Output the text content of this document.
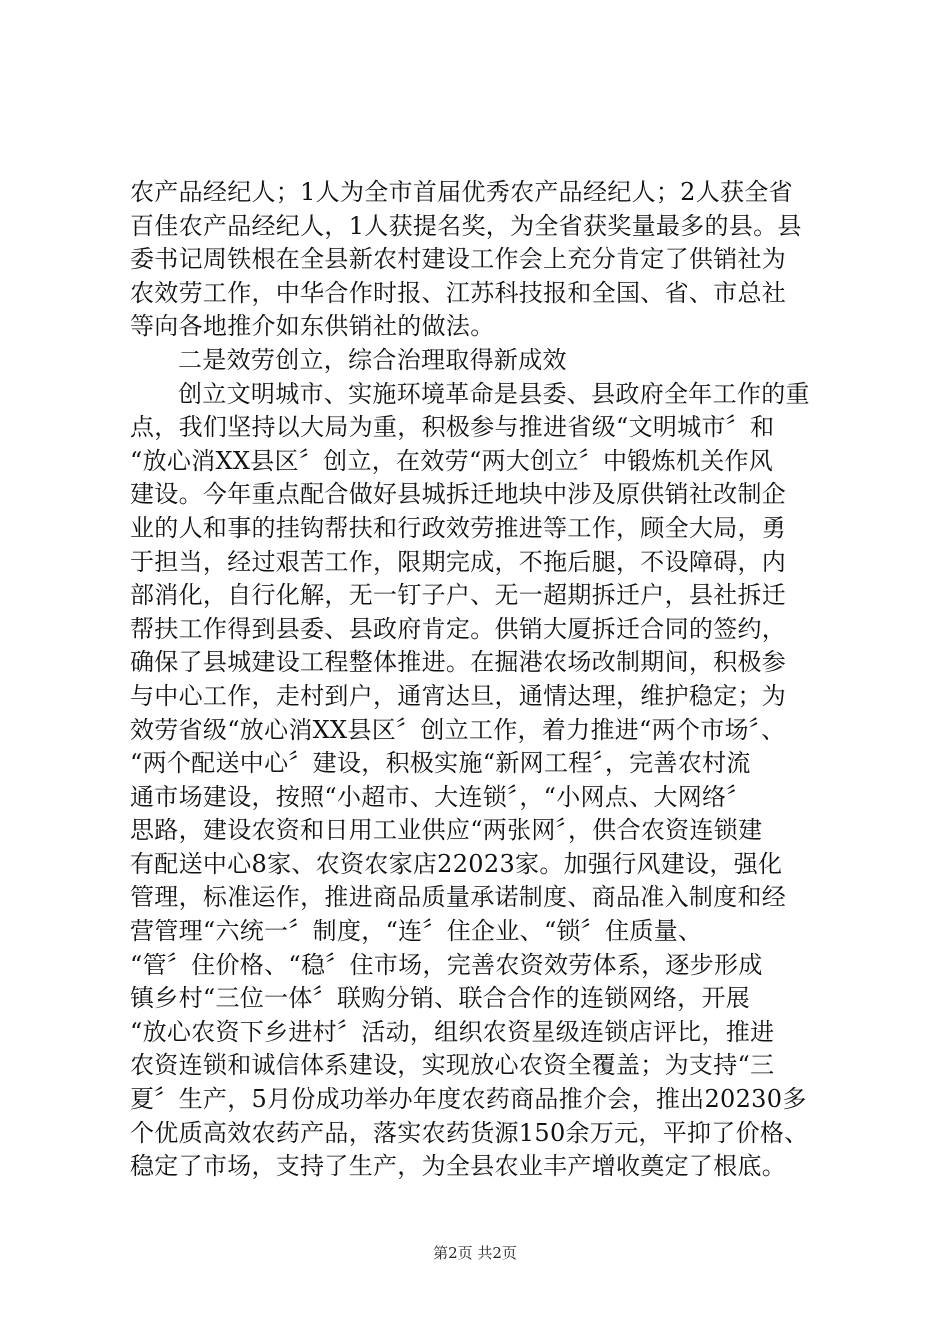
农产品经纪人；1人为全市首届优秀农产品经纪人；2人获全省
百佳农产品经纪人，1人获提名奖，为全省获奖量最多的县。县
委书记周铁根在全县新农村建设工作会上充分肯定了供销社为
农效劳工作，中华合作时报、江苏科技报和全国、省、市总社
等向各地推介如东供销社的做法。
二是效劳创立，综合治理取得新成效
创立文明城市、实施环境革命是县委、县政府全年工作的重
点，我们坚持以大局为重，积极参与推进省级“文明城市〞和
“放心消XX县区〞创立，在效劳“两大创立〞中锻炼机关作风
建设。今年重点配合做好县城拆迁地块中涉及原供销社改制企
业的人和事的挂钩帮扶和行政效劳推进等工作，顾全大局，勇
于担当，经过艰苦工作，限期完成，不拖后腿，不设障碍，内
部消化，自行化解，无一钉子户、无一超期拆迁户，县社拆迁
帮扶工作得到县委、县政府肯定。供销大厦拆迁合同的签约，
确保了县城建设工程整体推进。在掘港农场改制期间，积极参
与中心工作，走村到户，通宵达旦，通情达理，维护稳定；为
效劳省级“放心消XX县区〞创立工作，着力推进“两个市场〞、
“两个配送中心〞建设，积极实施“新网工程〞，完善农村流
通市场建设，按照“小超市、大连锁〞，“小网点、大网络〞
思路，建设农资和日用工业供应“两张网〞，供合农资连锁建
有配送中心8家、农资农家店22023家。加强行风建设，强化
管理，标准运作，推进商品质量承诺制度、商品准入制度和经
营管理“六统一〞制度，“连〞住企业、“锁〞住质量、
“管〞住价格、“稳〞住市场，完善农资效劳体系，逐步形成
镇乡村“三位一体〞联购分销、联合合作的连锁网络，开展
“放心农资下乡进村〞活动，组织农资星级连锁店评比，推进
农资连锁和诚信体系建设，实现放心农资全覆盖；为支持“三
夏〞生产，5月份成功举办年度农药商品推介会，推出20230多
个优质高效农药产品，落实农药货源150余万元，平抑了价格、
稳定了市场，支持了生产，为全县农业丰产增收奠定了根底。
第2页 共2页
